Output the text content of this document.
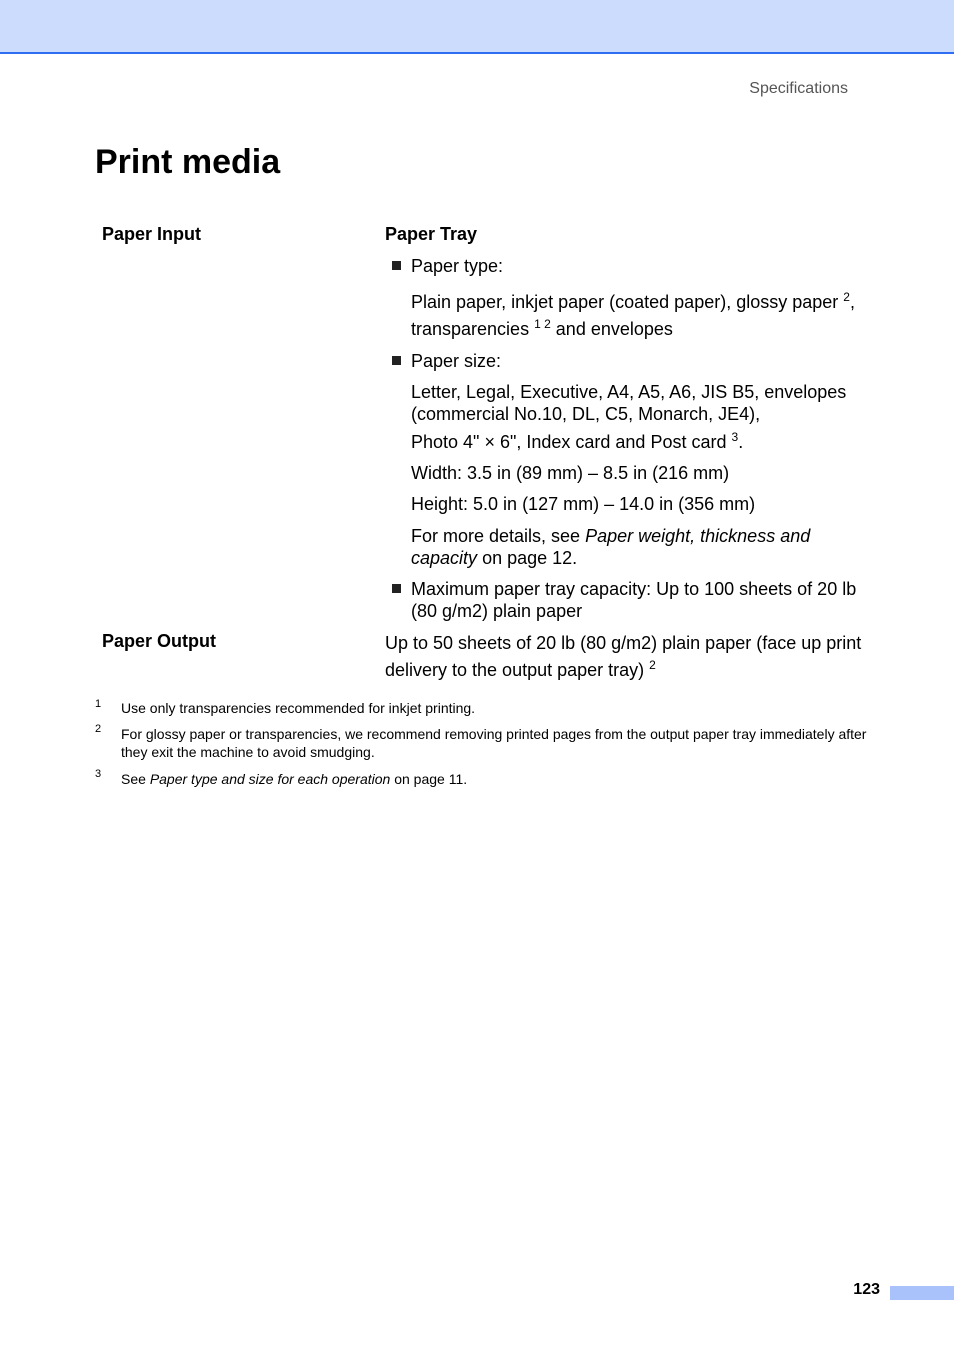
Specifications
Print media
Paper Input	Paper Tray
Paper type:
Plain paper, inkjet paper (coated paper), glossy paper $^2$,
transparencies $^{1 2}$ and envelopes
Paper size:
Letter, Legal, Executive, A4, A5, A6, JIS B5, envelopes
(commercial No.10, DL, C5, Monarch, JE4),
Photo 4" × 6", Index card and Post card $^3$.
Width: 3.5 in (89 mm) – 8.5 in (216 mm)
Height: 5.0 in (127 mm) – 14.0 in (356 mm)
For more details, see Paper weight, thickness and capacity on page 12.
Maximum paper tray capacity: Up to 100 sheets of 20 lb (80 g/m2) plain paper
Paper Output	Up to 50 sheets of 20 lb (80 g/m2) plain paper (face up print delivery to the output paper tray) $^2$
1 Use only transparencies recommended for inkjet printing.
2 For glossy paper or transparencies, we recommend removing printed pages from the output paper tray immediately after they exit the machine to avoid smudging.
3 See Paper type and size for each operation on page 11.
123
